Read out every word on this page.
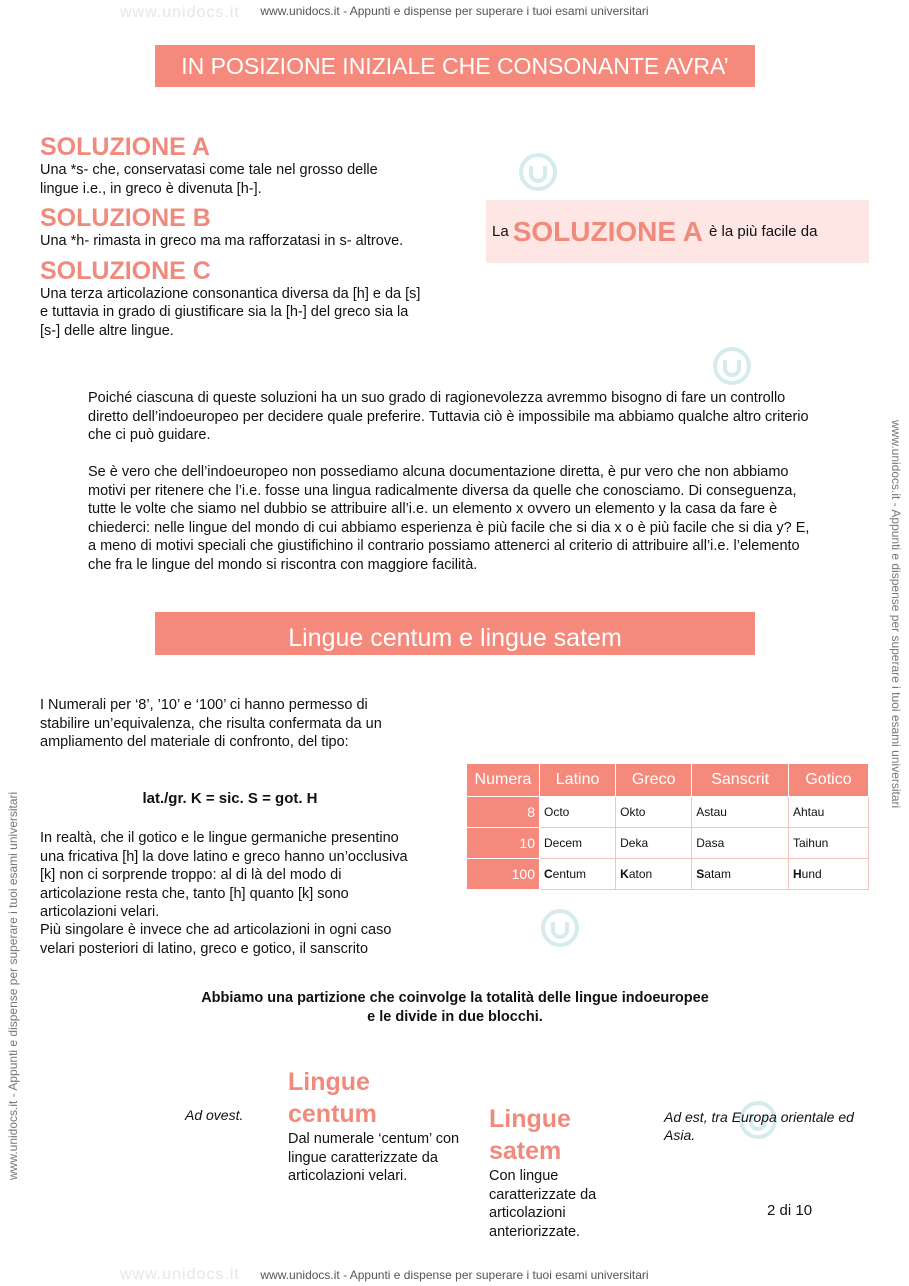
www.unidocs.it - Appunti e dispense per superare i tuoi esami universitari
www.unidocs.it - Appunti e dispense per superare i tuoi esami universitari
www.unidocs.it
www.unidocs.it
www.unidocs.it - Appunti e dispense per superare i tuoi esami universitari
www.unidocs.it - Appunti e dispense per superare i tuoi esami universitari
IN POSIZIONE INIZIALE CHE CONSONANTE AVRA’
SOLUZIONE A
Una *s- che, conservatasi come tale nel grosso delle lingue i.e., in greco è divenuta [h-].
SOLUZIONE B
Una *h- rimasta in greco ma ma rafforzatasi in s- altrove.
SOLUZIONE C
Una terza articolazione consonantica diversa da [h] e da [s] e tuttavia in grado di giustificare sia la [h-] del greco sia la [s-] delle altre lingue.
La SOLUZIONE A è la più facile da
Poiché ciascuna di queste soluzioni ha un suo grado di ragionevolezza avremmo bisogno di fare un controllo diretto dell’indoeuropeo per decidere quale preferire. Tuttavia ciò è impossibile ma abbiamo qualche altro criterio che ci può guidare.
Se è vero che dell’indoeuropeo non possediamo alcuna documentazione diretta, è pur vero che non abbiamo motivi per ritenere che l’i.e. fosse una lingua radicalmente diversa da quelle che conosciamo. Di conseguenza, tutte le volte che siamo nel dubbio se attribuire all’i.e. un elemento x ovvero un elemento y la casa da fare è chiederci: nelle lingue del mondo di cui abbiamo esperienza è più facile che si dia x o è più facile che si dia y? E, a meno di motivi speciali che giustifichino il contrario possiamo attenerci al criterio di attribuire all’i.e. l’elemento che fra le lingue del mondo si riscontra con maggiore facilità.
Lingue centum e lingue satem
I Numerali per ‘8’, ’10’ e ‘100’ ci hanno permesso di stabilire un’equivalenza, che risulta confermata da un ampliamento del materiale di confronto, del tipo:
lat./gr. K = sic. S = got. H
In realtà, che il gotico e le lingue germaniche presentino una fricativa [h] la dove latino e greco hanno un’occlusiva [k] non ci sorprende troppo: al di là del modo di articolazione resta che, tanto [h] quanto [k] sono articolazioni velari.
Più singolare è invece che ad articolazioni in ogni caso velari posteriori di latino, greco e gotico, il sanscrito
Numera	Latino	Greco	Sanscrit	Gotico
8	Octo	Okto	Astau	Ahtau
10	Decem	Deka	Dasa	Taihun
100	Centum	Katon	Satam	Hund
Abbiamo una partizione che coinvolge la totalità delle lingue indoeuropee e le divide in due blocchi.
Ad ovest.
Lingue
centum
Dal numerale ‘centum’ con lingue caratterizzate da articolazioni velari.
Lingue
satem
Con lingue caratterizzate da articolazioni anteriorizzate.
Ad est, tra Europa orientale ed Asia.
2 di 10
